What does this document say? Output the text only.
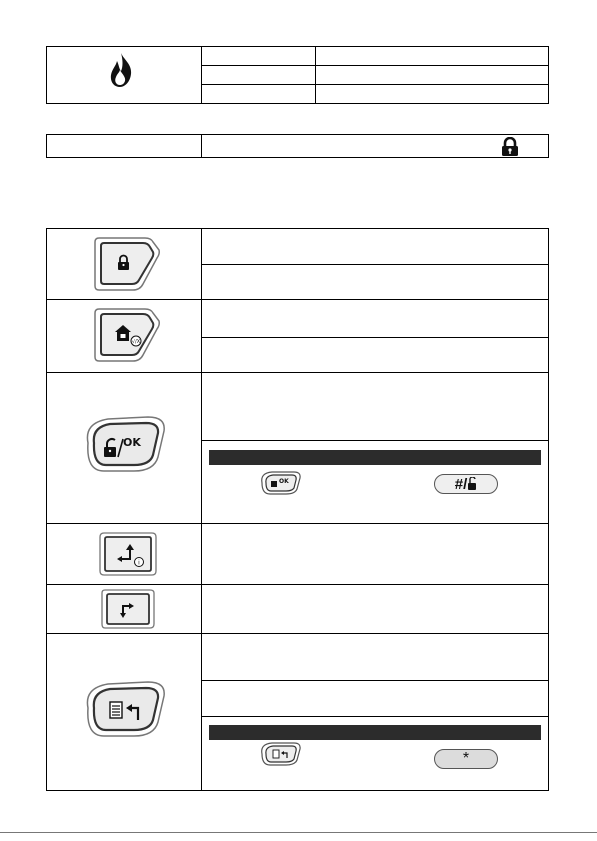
√/X
OK
OK	#/
i
*
